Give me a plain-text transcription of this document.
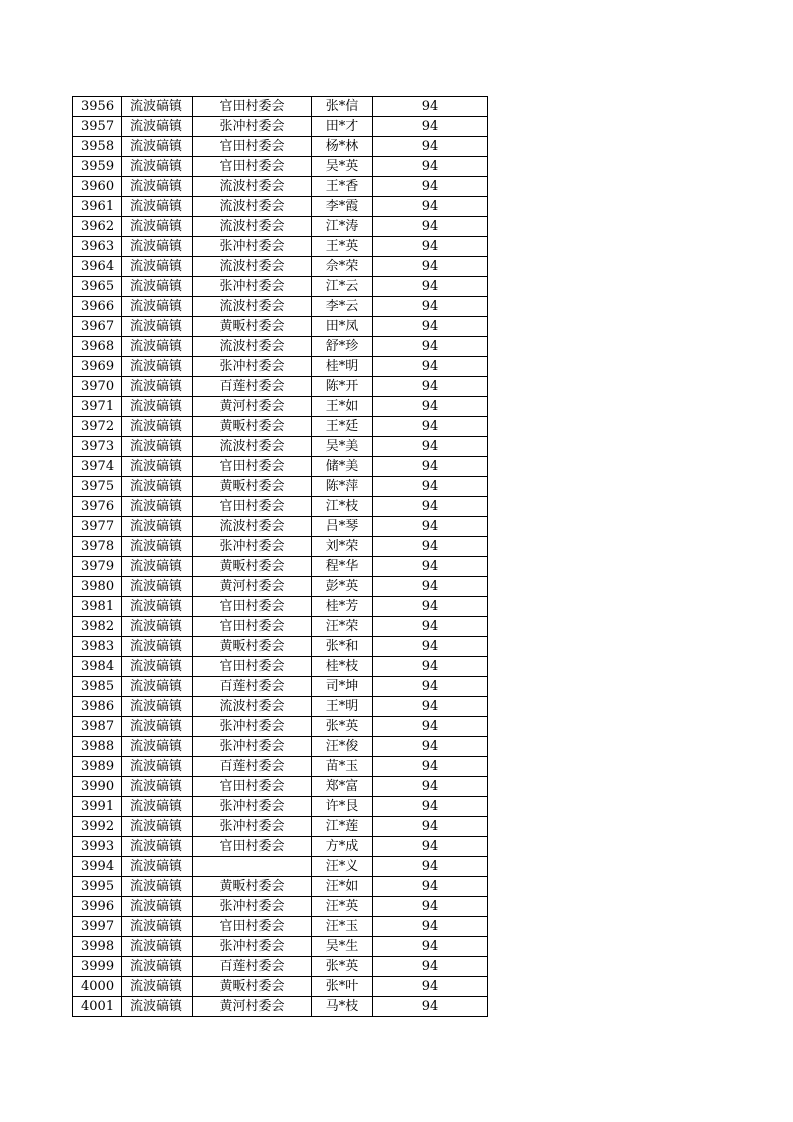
3956	流波碻镇	官田村委会	张*信	94
3957	流波碻镇	张冲村委会	田*才	94
3958	流波碻镇	官田村委会	杨*林	94
3959	流波碻镇	官田村委会	吴*英	94
3960	流波碻镇	流波村委会	王*香	94
3961	流波碻镇	流波村委会	李*霞	94
3962	流波碻镇	流波村委会	江*涛	94
3963	流波碻镇	张冲村委会	王*英	94
3964	流波碻镇	流波村委会	佘*荣	94
3965	流波碻镇	张冲村委会	江*云	94
3966	流波碻镇	流波村委会	李*云	94
3967	流波碻镇	黄畈村委会	田*凤	94
3968	流波碻镇	流波村委会	舒*珍	94
3969	流波碻镇	张冲村委会	桂*明	94
3970	流波碻镇	百莲村委会	陈*开	94
3971	流波碻镇	黄河村委会	王*如	94
3972	流波碻镇	黄畈村委会	王*廷	94
3973	流波碻镇	流波村委会	吴*美	94
3974	流波碻镇	官田村委会	储*美	94
3975	流波碻镇	黄畈村委会	陈*萍	94
3976	流波碻镇	官田村委会	江*枝	94
3977	流波碻镇	流波村委会	吕*琴	94
3978	流波碻镇	张冲村委会	刘*荣	94
3979	流波碻镇	黄畈村委会	程*华	94
3980	流波碻镇	黄河村委会	彭*英	94
3981	流波碻镇	官田村委会	桂*芳	94
3982	流波碻镇	官田村委会	汪*荣	94
3983	流波碻镇	黄畈村委会	张*和	94
3984	流波碻镇	官田村委会	桂*枝	94
3985	流波碻镇	百莲村委会	司*坤	94
3986	流波碻镇	流波村委会	王*明	94
3987	流波碻镇	张冲村委会	张*英	94
3988	流波碻镇	张冲村委会	汪*俊	94
3989	流波碻镇	百莲村委会	苗*玉	94
3990	流波碻镇	官田村委会	郑*富	94
3991	流波碻镇	张冲村委会	许*艮	94
3992	流波碻镇	张冲村委会	江*莲	94
3993	流波碻镇	官田村委会	方*成	94
3994	流波碻镇		汪*义	94
3995	流波碻镇	黄畈村委会	汪*如	94
3996	流波碻镇	张冲村委会	汪*英	94
3997	流波碻镇	官田村委会	汪*玉	94
3998	流波碻镇	张冲村委会	吴*生	94
3999	流波碻镇	百莲村委会	张*英	94
4000	流波碻镇	黄畈村委会	张*叶	94
4001	流波碻镇	黄河村委会	马*枝	94
